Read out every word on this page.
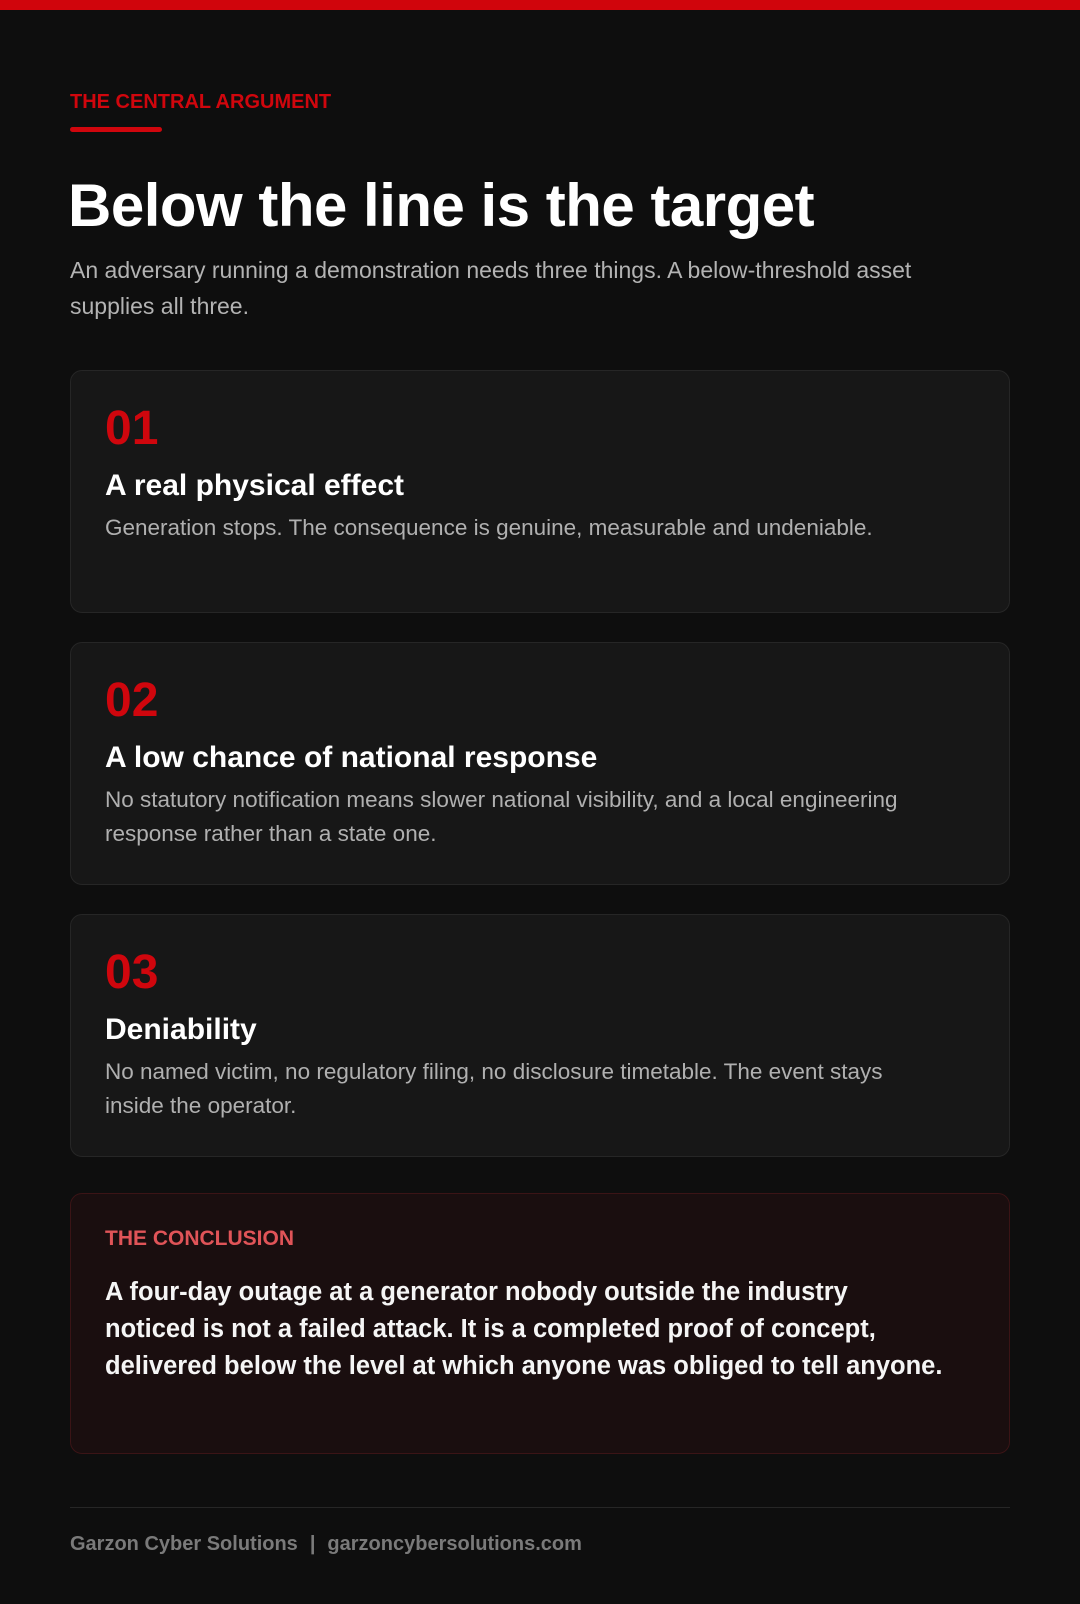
THE CENTRAL ARGUMENT
Below the line is the target

An adversary running a demonstration needs three things. A below-threshold asset supplies all three.

01
A real physical effect

Generation stops. The consequence is genuine, measurable and undeniable.

02
A low chance of national response

No statutory notification means slower national visibility, and a local engineering response rather than a state one.

03
Deniability

No named victim, no regulatory filing, no disclosure timetable. The event stays inside the operator.

THE CONCLUSION

A four-day outage at a generator nobody outside the industry noticed is not a failed attack. It is a completed proof of concept, delivered below the level at which anyone was obliged to tell anyone.

Garzon Cyber Solutions | garzoncybersolutions.com
